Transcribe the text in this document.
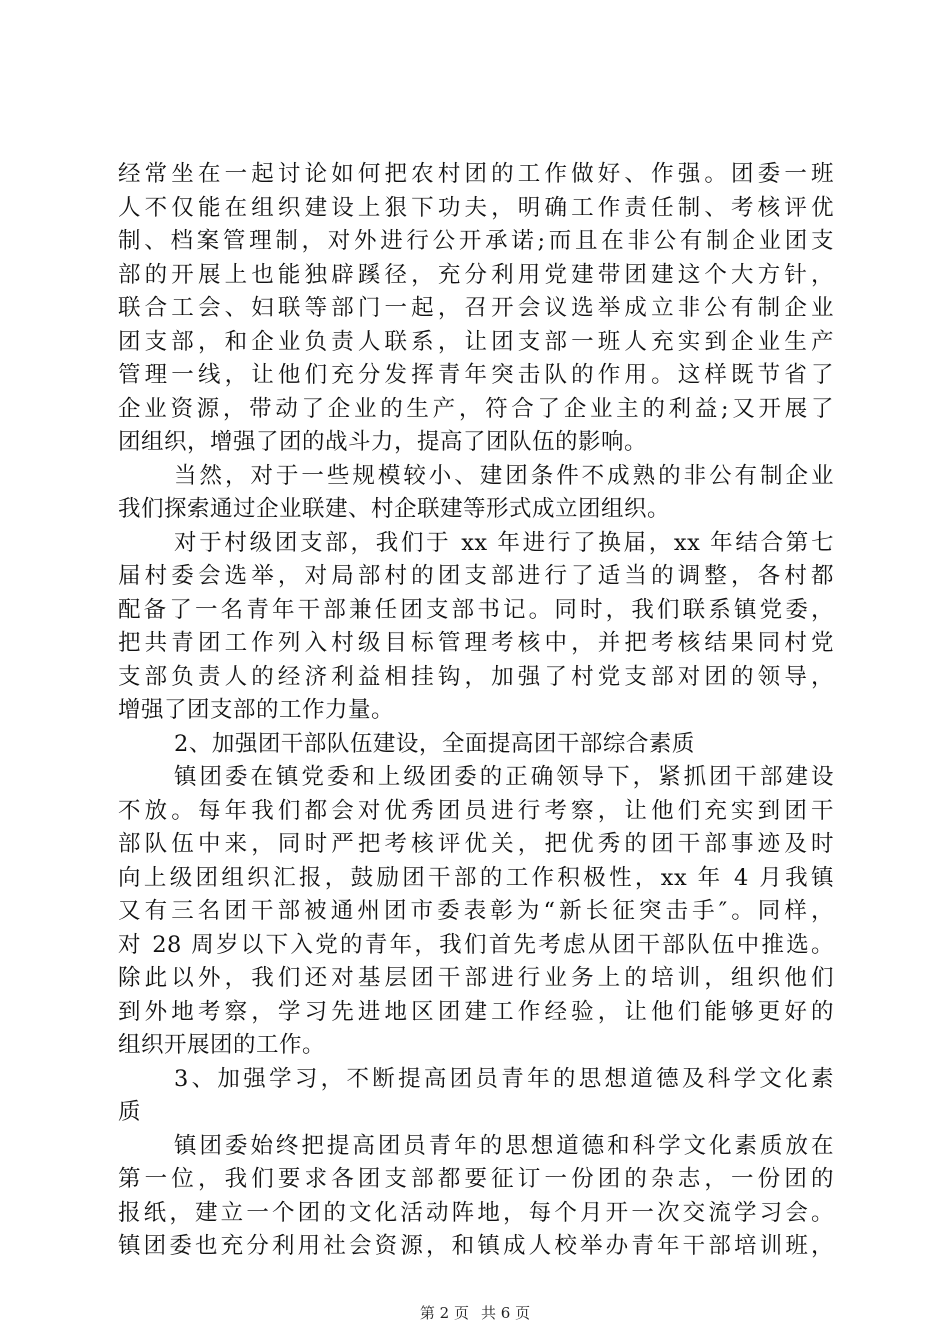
经常坐在一起讨论如何把农村团的工作做好、作强。团委一班
人不仅能在组织建设上狠下功夫，明确工作责任制、考核评优
制、档案管理制，对外进行公开承诺;而且在非公有制企业团支
部的开展上也能独辟蹊径，充分利用党建带团建这个大方针，
联合工会、妇联等部门一起，召开会议选举成立非公有制企业
团支部，和企业负责人联系，让团支部一班人充实到企业生产
管理一线，让他们充分发挥青年突击队的作用。这样既节省了
企业资源，带动了企业的生产，符合了企业主的利益;又开展了
团组织，增强了团的战斗力，提高了团队伍的影响。
当然，对于一些规模较小、建团条件不成熟的非公有制企业
我们探索通过企业联建、村企联建等形式成立团组织。
对于村级团支部，我们于 xx 年进行了换届，xx 年结合第七
届村委会选举，对局部村的团支部进行了适当的调整，各村都
配备了一名青年干部兼任团支部书记。同时，我们联系镇党委，
把共青团工作列入村级目标管理考核中，并把考核结果同村党
支部负责人的经济利益相挂钩，加强了村党支部对团的领导，
增强了团支部的工作力量。
2、加强团干部队伍建设，全面提高团干部综合素质
镇团委在镇党委和上级团委的正确领导下，紧抓团干部建设
不放。每年我们都会对优秀团员进行考察，让他们充实到团干
部队伍中来，同时严把考核评优关，把优秀的团干部事迹及时
向上级团组织汇报，鼓励团干部的工作积极性，xx 年 4 月我镇
又有三名团干部被通州团市委表彰为“新长征突击手″。同样，
对 28 周岁以下入党的青年，我们首先考虑从团干部队伍中推选。
除此以外，我们还对基层团干部进行业务上的培训，组织他们
到外地考察，学习先进地区团建工作经验，让他们能够更好的
组织开展团的工作。
3、加强学习，不断提高团员青年的思想道德及科学文化素
质
镇团委始终把提高团员青年的思想道德和科学文化素质放在
第一位，我们要求各团支部都要征订一份团的杂志，一份团的
报纸，建立一个团的文化活动阵地，每个月开一次交流学习会。
镇团委也充分利用社会资源，和镇成人校举办青年干部培训班，
第 2 页 共 6 页
